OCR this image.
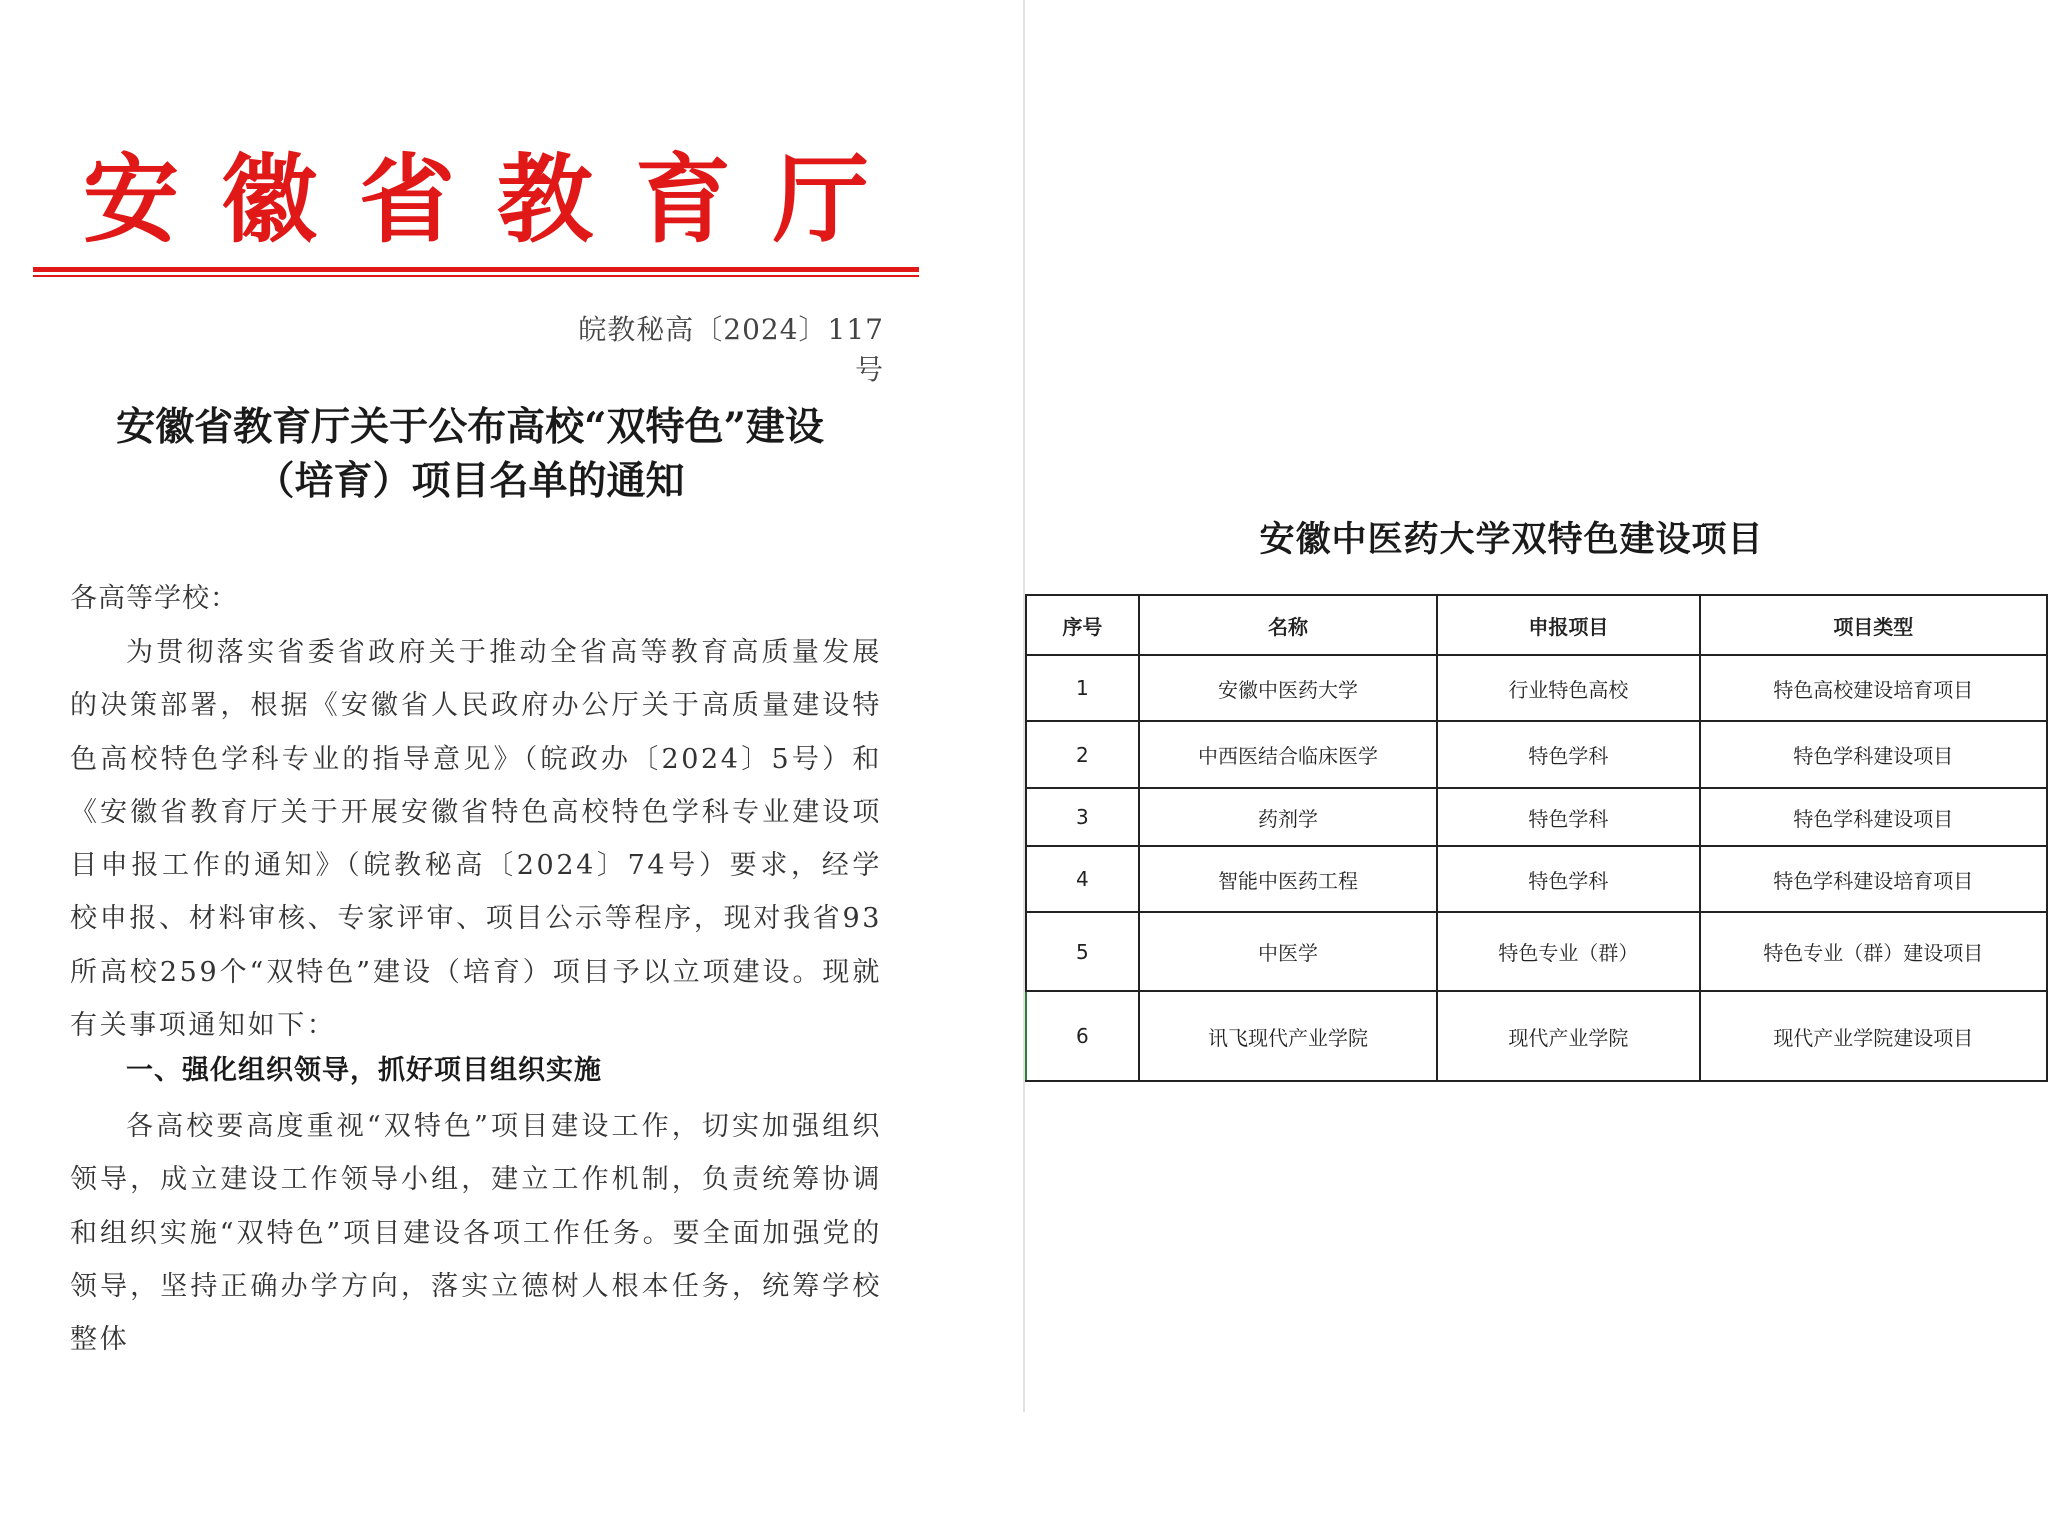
安徽省教育厅
皖教秘高〔2024〕117号
安徽省教育厅关于公布高校“双特色”建设
（培育）项目名单的通知
各高等学校：
为贯彻落实省委省政府关于推动全省高等教育高质量发展的决策部署，根据《安徽省人民政府办公厅关于高质量建设特色高校特色学科专业的指导意见》（皖政办〔2024〕5号）和《安徽省教育厅关于开展安徽省特色高校特色学科专业建设项目申报工作的通知》（皖教秘高〔2024〕74号）要求，经学校申报、材料审核、专家评审、项目公示等程序，现对我省93所高校259个“双特色”建设（培育）项目予以立项建设。现就有关事项通知如下：
一、强化组织领导，抓好项目组织实施
各高校要高度重视“双特色”项目建设工作，切实加强组织领导，成立建设工作领导小组，建立工作机制，负责统筹协调和组织实施“双特色”项目建设各项工作任务。要全面加强党的领导，坚持正确办学方向，落实立德树人根本任务，统筹学校整体
安徽中医药大学双特色建设项目
序号	名称	申报项目	项目类型
1	安徽中医药大学	行业特色高校	特色高校建设培育项目
2	中西医结合临床医学	特色学科	特色学科建设项目
3	药剂学	特色学科	特色学科建设项目
4	智能中医药工程	特色学科	特色学科建设培育项目
5	中医学	特色专业（群）	特色专业（群）建设项目
6	讯飞现代产业学院	现代产业学院	现代产业学院建设项目
